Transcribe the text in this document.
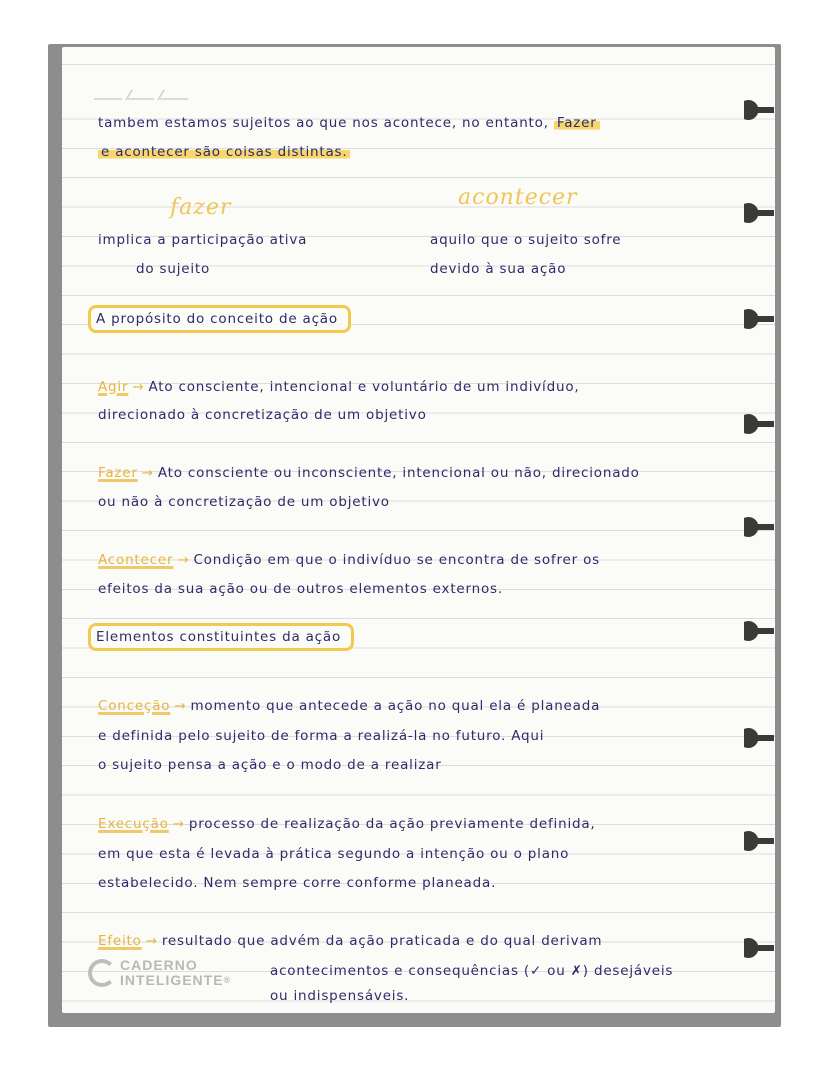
tambem estamos sujeitos ao que nos acontece, no entanto, Fazer
e acontecer são coisas distintas.
fazer	acontecer
implica a participação ativa
do sujeito
aquilo que o sujeito sofre
devido à sua ação
A propósito do conceito de ação
Agir → Ato consciente, intencional e voluntário de um indivíduo,
direcionado à concretização de um objetivo
Fazer → Ato consciente ou inconsciente, intencional ou não, direcionado
ou não à concretização de um objetivo
Acontecer → Condição em que o indivíduo se encontra de sofrer os
efeitos da sua ação ou de outros elementos externos.
Elementos constituintes da ação
Conceção → momento que antecede a ação no qual ela é planeada
e definida pelo sujeito de forma a realizá-la no futuro. Aqui
o sujeito pensa a ação e o modo de a realizar
Execução → processo de realização da ação previamente definida,
em que esta é levada à prática segundo a intenção ou o plano
estabelecido. Nem sempre corre conforme planeada.
Efeito → resultado que advém da ação praticada e do qual derivam
acontecimentos e consequências (✓ ou ✗) desejáveis
ou indispensáveis.
CADERNO
INTELIGENTE®
